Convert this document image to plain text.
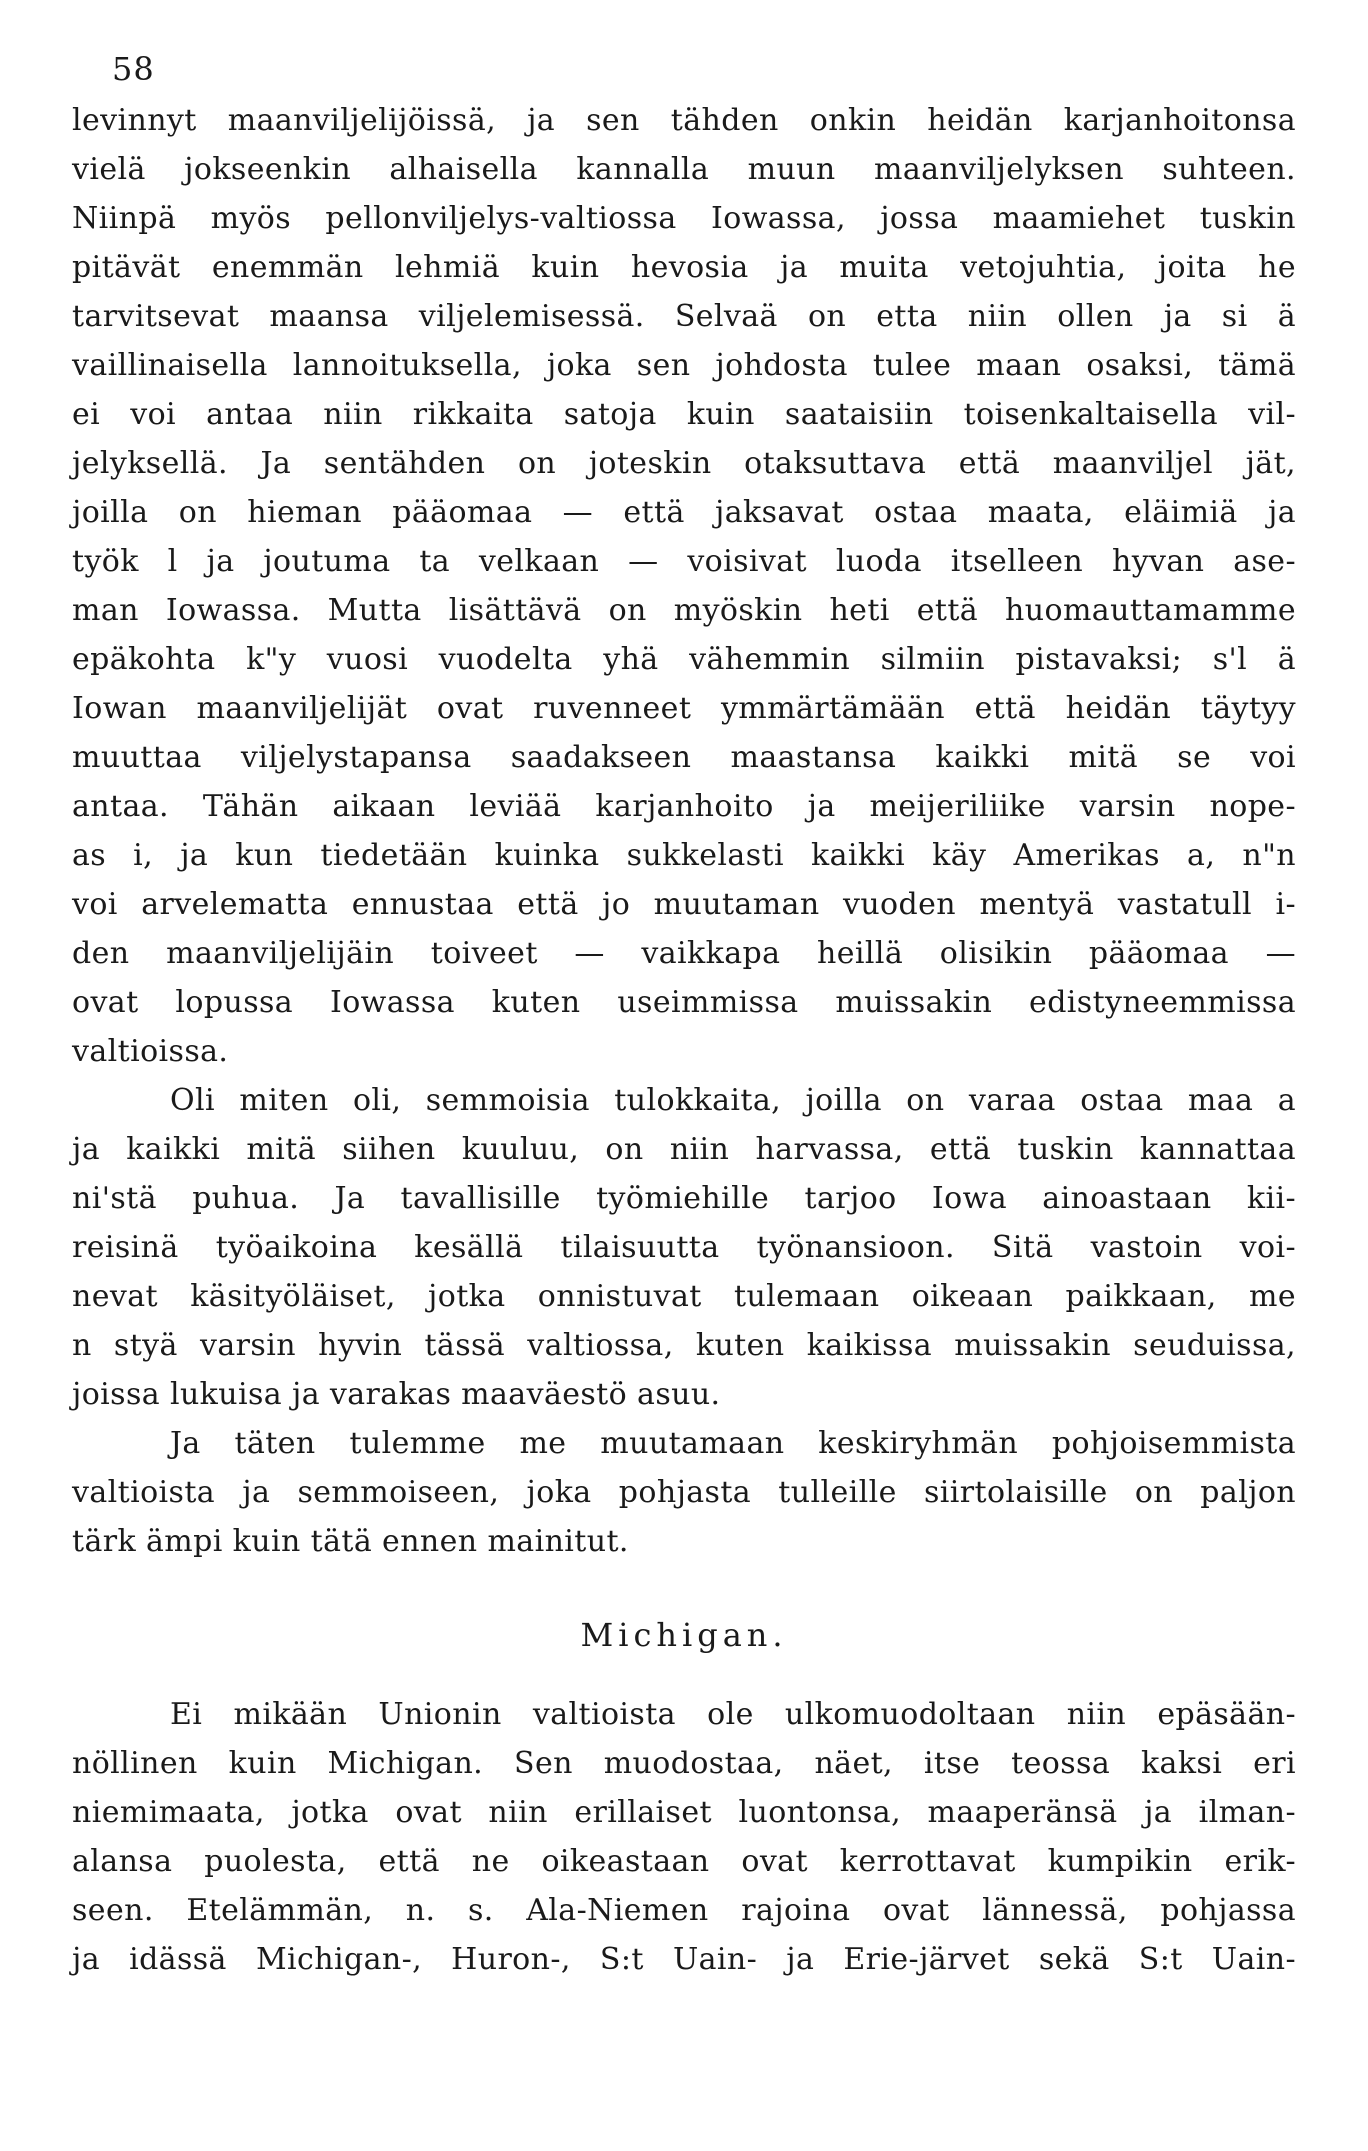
58
levinnyt maanviljelijöissä, ja sen tähden onkin heidän karjanhoitonsa
vielä jokseenkin alhaisella kannalla muun maanviljelyksen suhteen.
Niinpä myös pellonviljelys-valtiossa Iowassa, jossa maamiehet tuskin
pitävät enemmän lehmiä kuin hevosia ja muita vetojuhtia, joita he
tarvitsevat maansa viljelemisessä. Selvaä on etta niin ollen ja si ä
vaillinaisella lannoituksella, joka sen johdosta tulee maan osaksi, tämä
ei voi antaa niin rikkaita satoja kuin saataisiin toisenkaltaisella vil-
jelyksellä. Ja sentähden on joteskin otaksuttava että maanviljel jät,
joilla on hieman pääomaa — että jaksavat ostaa maata, eläimiä ja
työk l ja joutuma ta velkaan — voisivat luoda itselleen hyvan ase-
man Iowassa. Mutta lisättävä on myöskin heti että huomauttamamme
epäkohta k"y vuosi vuodelta yhä vähemmin silmiin pistavaksi; s'l ä
Iowan maanviljelijät ovat ruvenneet ymmärtämään että heidän täytyy
muuttaa viljelystapansa saadakseen maastansa kaikki mitä se voi
antaa. Tähän aikaan leviää karjanhoito ja meijeriliike varsin nope-
as i, ja kun tiedetään kuinka sukkelasti kaikki käy Amerikas a, n"n
voi arvelematta ennustaa että jo muutaman vuoden mentyä vastatull i-
den maanviljelijäin toiveet — vaikkapa heillä olisikin pääomaa —
ovat lopussa Iowassa kuten useimmissa muissakin edistyneemmissa
valtioissa.
Oli miten oli, semmoisia tulokkaita, joilla on varaa ostaa maa a
ja kaikki mitä siihen kuuluu, on niin harvassa, että tuskin kannattaa
ni'stä puhua. Ja tavallisille työmiehille tarjoo Iowa ainoastaan kii-
reisinä työaikoina kesällä tilaisuutta työnansioon. Sitä vastoin voi-
nevat käsityöläiset, jotka onnistuvat tulemaan oikeaan paikkaan, me
n styä varsin hyvin tässä valtiossa, kuten kaikissa muissakin seuduissa,
joissa lukuisa ja varakas maaväestö asuu.
Ja täten tulemme me muutamaan keskiryhmän pohjoisemmista
valtioista ja semmoiseen, joka pohjasta tulleille siirtolaisille on paljon
tärk ämpi kuin tätä ennen mainitut.
Michigan.
Ei mikään Unionin valtioista ole ulkomuodoltaan niin epäsään-
nöllinen kuin Michigan. Sen muodostaa, näet, itse teossa kaksi eri
niemimaata, jotka ovat niin erillaiset luontonsa, maaperänsä ja ilman-
alansa puolesta, että ne oikeastaan ovat kerrottavat kumpikin erik-
seen. Etelämmän, n. s. Ala-Niemen rajoina ovat lännessä, pohjassa
ja idässä Michigan-, Huron-, S:t Uain- ja Erie-järvet sekä S:t Uain-
